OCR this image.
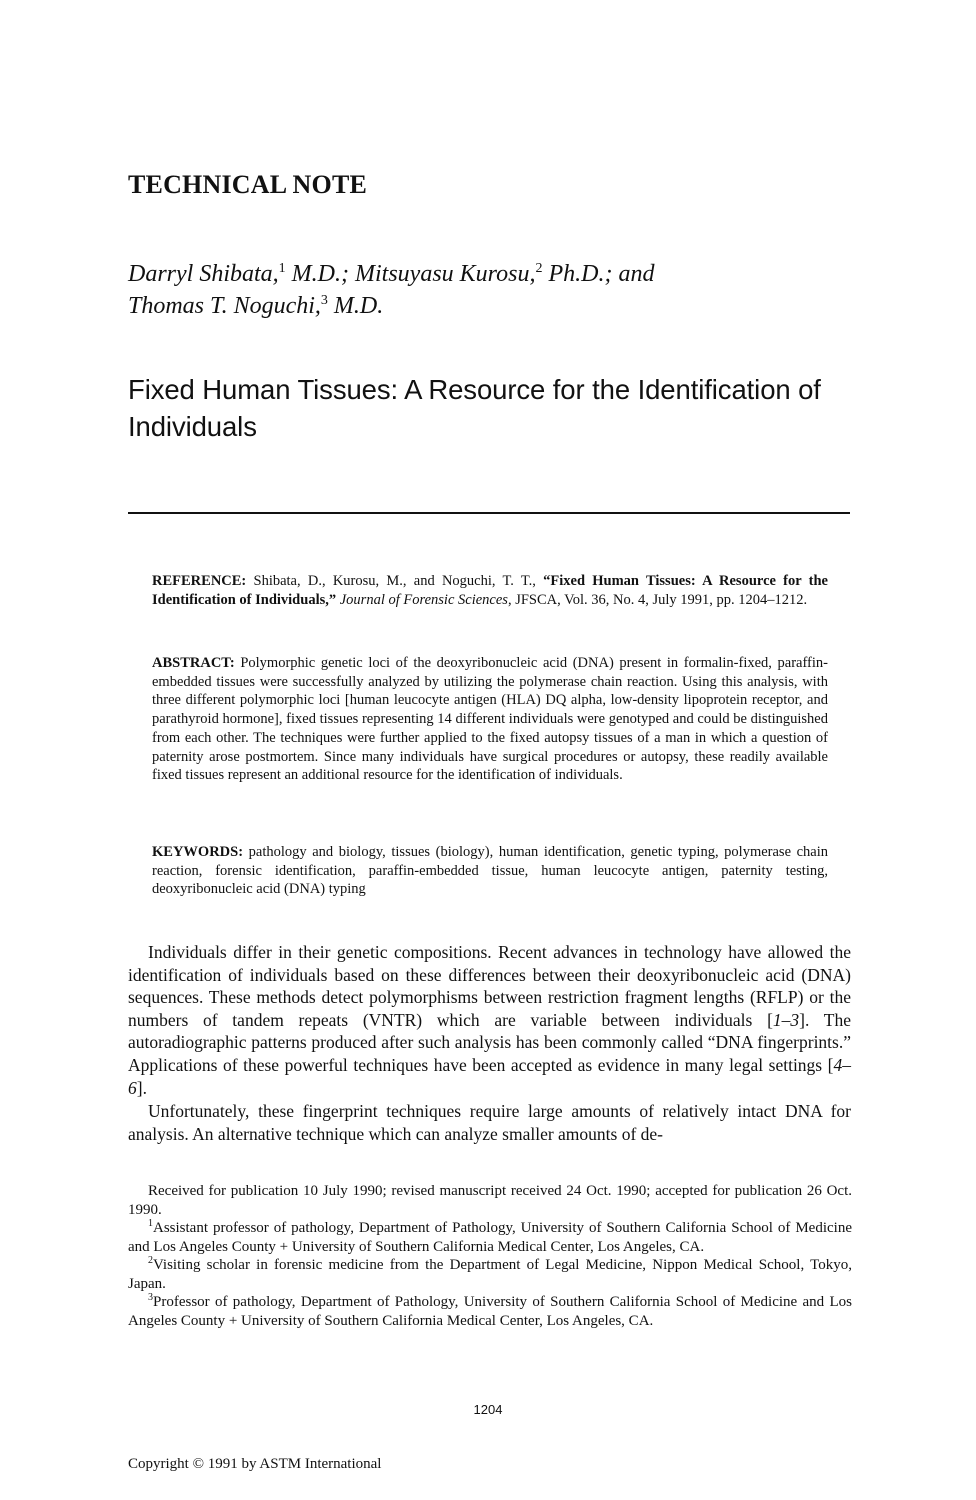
TECHNICAL NOTE

Darryl Shibata,$^1$ M.D.; Mitsuyasu Kurosu,$^2$ Ph.D.; and
Thomas T. Noguchi,$^3$ M.D.

Fixed Human Tissues: A Resource for the Identification of Individuals

REFERENCE: Shibata, D., Kurosu, M., and Noguchi, T. T., “Fixed Human Tissues: A Resource for the Identification of Individuals,” Journal of Forensic Sciences, JFSCA, Vol. 36, No. 4, July 1991, pp. 1204–1212.

ABSTRACT: Polymorphic genetic loci of the deoxyribonucleic acid (DNA) present in formalin-fixed, paraffin-embedded tissues were successfully analyzed by utilizing the polymerase chain reaction. Using this analysis, with three different polymorphic loci [human leucocyte antigen (HLA) DQ alpha, low-density lipoprotein receptor, and parathyroid hormone], fixed tissues representing 14 different individuals were genotyped and could be distinguished from each other. The techniques were further applied to the fixed autopsy tissues of a man in which a question of paternity arose postmortem. Since many individuals have surgical procedures or autopsy, these readily available fixed tissues represent an additional resource for the identification of individuals.

KEYWORDS: pathology and biology, tissues (biology), human identification, genetic typing, polymerase chain reaction, forensic identification, paraffin-embedded tissue, human leucocyte antigen, paternity testing, deoxyribonucleic acid (DNA) typing

Individuals differ in their genetic compositions. Recent advances in technology have allowed the identification of individuals based on these differences between their deoxyribonucleic acid (DNA) sequences. These methods detect polymorphisms between restriction fragment lengths (RFLP) or the numbers of tandem repeats (VNTR) which are variable between individuals [1–3]. The autoradiographic patterns produced after such analysis has been commonly called “DNA fingerprints.” Applications of these powerful techniques have been accepted as evidence in many legal settings [4–6].

Unfortunately, these fingerprint techniques require large amounts of relatively intact DNA for analysis. An alternative technique which can analyze smaller amounts of de-

Received for publication 10 July 1990; revised manuscript received 24 Oct. 1990; accepted for publication 26 Oct. 1990.

$^1$Assistant professor of pathology, Department of Pathology, University of Southern California School of Medicine and Los Angeles County + University of Southern California Medical Center, Los Angeles, CA.

$^2$Visiting scholar in forensic medicine from the Department of Legal Medicine, Nippon Medical School, Tokyo, Japan.

$^3$Professor of pathology, Department of Pathology, University of Southern California School of Medicine and Los Angeles County + University of Southern California Medical Center, Los Angeles, CA.

1204
Copyright © 1991 by ASTM International
